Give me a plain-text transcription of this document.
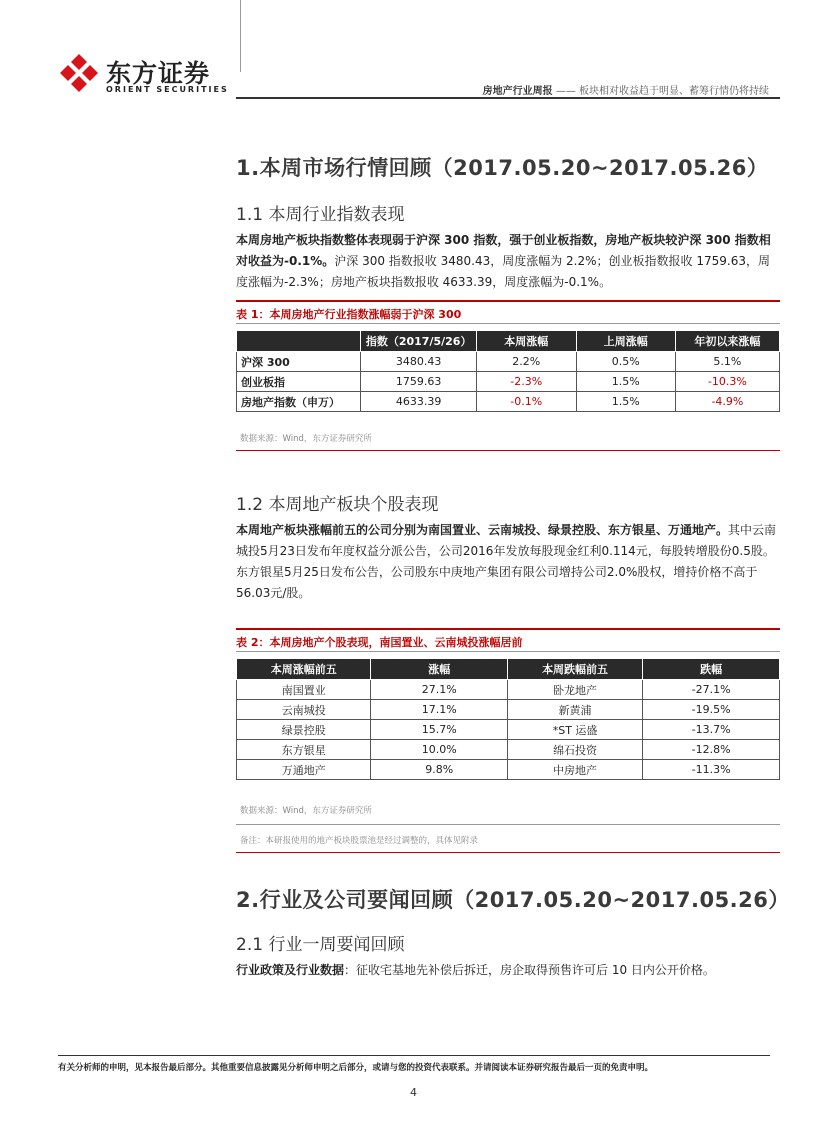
东方证券
ORIENT SECURITIES	房地产行业周报 —— 板块相对收益趋于明显、蓄筹行情仍将持续
1.本周市场行情回顾（2017.05.20~2017.05.26）
1.1 本周行业指数表现
本周房地产板块指数整体表现弱于沪深 300 指数，强于创业板指数，房地产板块较沪深 300 指数相对收益为-0.1%。沪深 300 指数报收 3480.43，周度涨幅为 2.2%；创业板指数报收 1759.63，周度涨幅为-2.3%；房地产板块指数报收 4633.39，周度涨幅为-0.1%。
表 1：本周房地产行业指数涨幅弱于沪深 300
	指数（2017/5/26）	本周涨幅	上周涨幅	年初以来涨幅
沪深 300	3480.43	2.2%	0.5%	5.1%
创业板指	1759.63	-2.3%	1.5%	-10.3%
房地产指数（申万）	4633.39	-0.1%	1.5%	-4.9%
数据来源：Wind，东方证券研究所
1.2 本周地产板块个股表现
本周地产板块涨幅前五的公司分别为南国置业、云南城投、绿景控股、东方银星、万通地产。其中云南城投5月23日发布年度权益分派公告，公司2016年发放每股现金红利0.114元，每股转增股份0.5股。东方银星5月25日发布公告，公司股东中庚地产集团有限公司增持公司2.0%股权，增持价格不高于56.03元/股。
表 2：本周房地产个股表现，南国置业、云南城投涨幅居前
本周涨幅前五	涨幅	本周跌幅前五	跌幅
南国置业	27.1%	卧龙地产	-27.1%
云南城投	17.1%	新黄浦	-19.5%
绿景控股	15.7%	*ST 运盛	-13.7%
东方银星	10.0%	绵石投资	-12.8%
万通地产	9.8%	中房地产	-11.3%
数据来源：Wind，东方证券研究所
备注：本研报使用的地产板块股票池是经过调整的，具体见附录
2.行业及公司要闻回顾（2017.05.20~2017.05.26）
2.1 行业一周要闻回顾
行业政策及行业数据：征收宅基地先补偿后拆迁，房企取得预售许可后 10 日内公开价格。
有关分析师的申明，见本报告最后部分。其他重要信息披露见分析师申明之后部分，或请与您的投资代表联系。并请阅读本证券研究报告最后一页的免责申明。
4
